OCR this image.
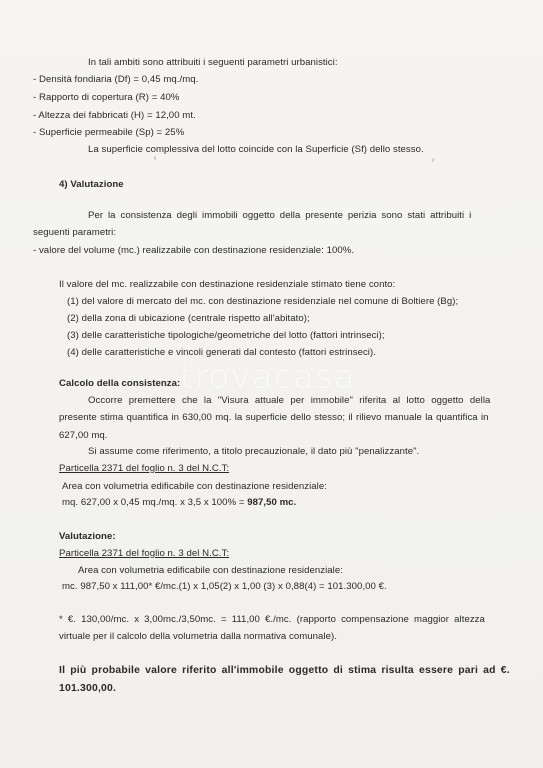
In tali ambiti sono attribuiti i seguenti parametri urbanistici:
- Densità fondiaria (Df) = 0,45 mq./mq.
- Rapporto di copertura (R) = 40%
- Altezza dei fabbricati (H) = 12,00 mt.
- Superficie permeabile (Sp) = 25%
La superficie complessiva del lotto coincide con la Superficie (Sf) dello stesso.
4) Valutazione
Per la consistenza degli immobili oggetto della presente perizia sono stati attribuiti i
seguenti parametri:
- valore del volume (mc.) realizzabile con destinazione residenziale: 100%.
Il valore del mc. realizzabile con destinazione residenziale stimato tiene conto:
(1) del valore di mercato del mc. con destinazione residenziale nel comune di Boltiere (Bg);
(2) della zona di ubicazione (centrale rispetto all'abitato);
(3) delle caratteristiche tipologiche/geometriche del lotto (fattori intrinseci);
(4) delle caratteristiche e vincoli generati dal contesto (fattori estrinseci).
Calcolo della consistenza:
Occorre premettere che la "Visura attuale per immobile" riferita al lotto oggetto della
presente stima quantifica in 630,00 mq. la superficie dello stesso; il rilievo manuale la quantifica in
627,00 mq.
Si assume come riferimento, a titolo precauzionale, il dato più "penalizzante".
Particella 2371 del foglio n. 3 del N.C.T:
Area con volumetria edificabile con destinazione residenziale:
mq. 627,00 x 0,45 mq./mq. x 3,5 x 100% = 987,50 mc.
Valutazione:
Particella 2371 del foglio n. 3 del N.C.T:
Area con volumetria edificabile con destinazione residenziale:
mc. 987,50 x 111,00* €/mc.(1) x 1,05(2) x 1,00 (3) x 0,88(4) = 101.300,00 €.
* €. 130,00/mc. x 3,00mc./3,50mc. = 111,00 €./mc. (rapporto compensazione maggior altezza
virtuale per il calcolo della volumetria dalla normativa comunale).
Il più probabile valore riferito all'immobile oggetto di stima risulta essere pari ad €.
101.300,00.
trovacasa
